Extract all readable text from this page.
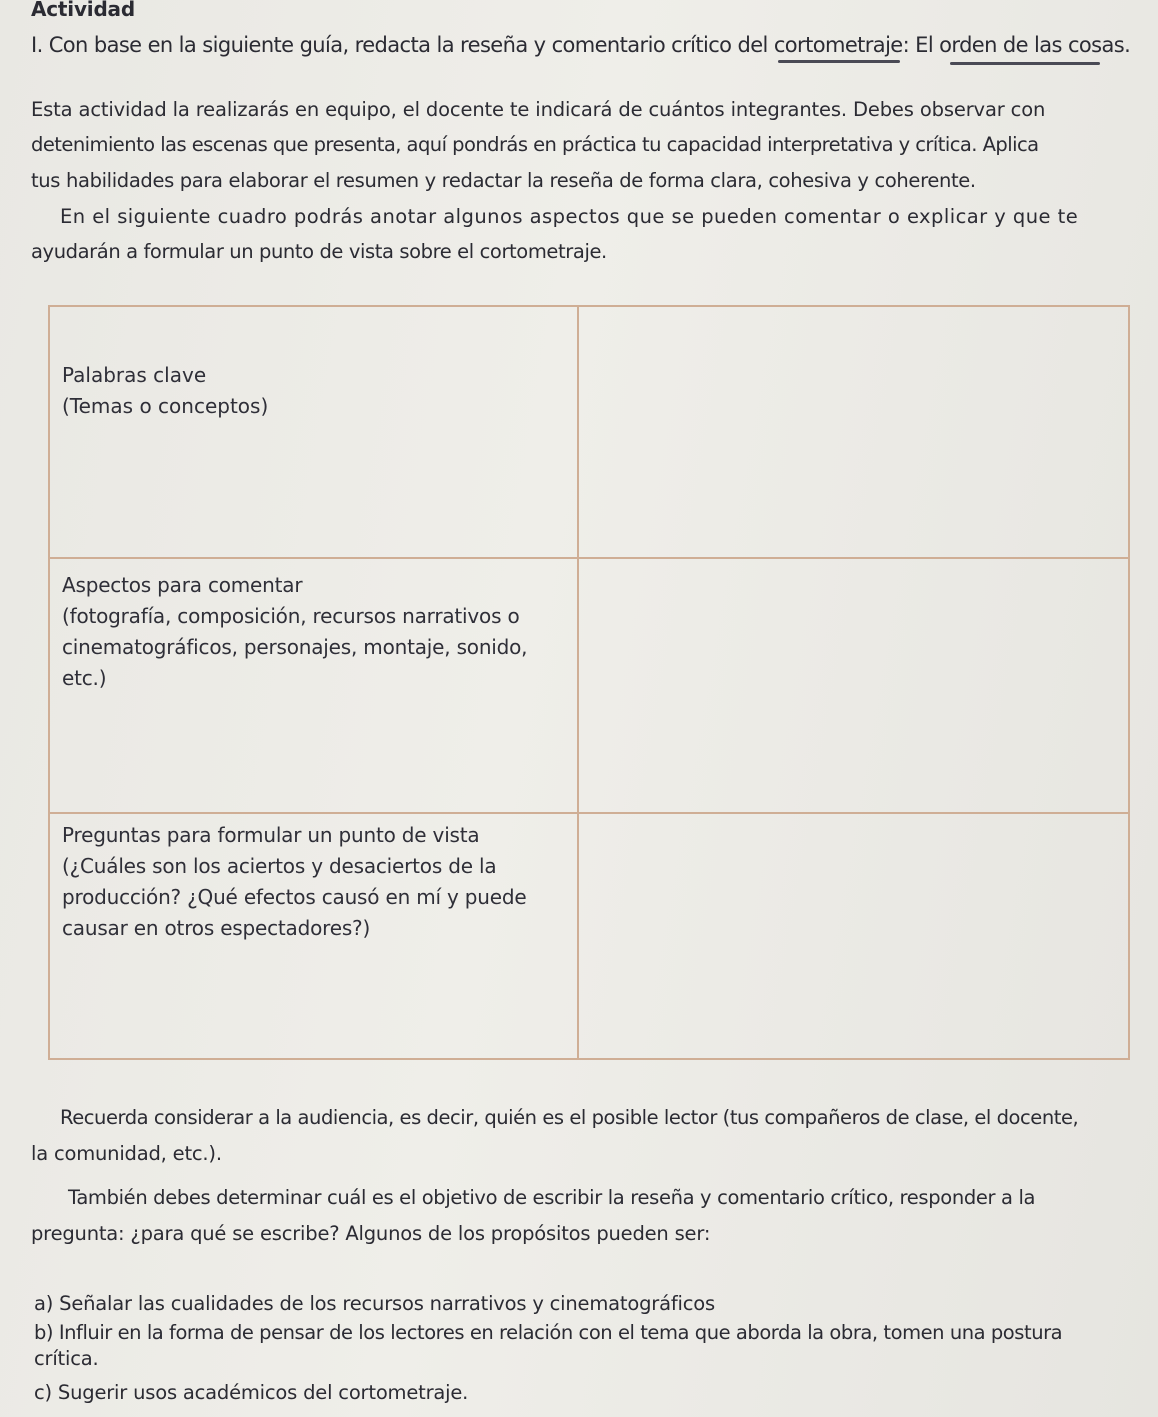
Actividad

I. Con base en la siguiente guía, redacta la reseña y comentario crítico del cortometraje: El orden de las cosas.

Esta actividad la realizarás en equipo, el docente te indicará de cuántos integrantes. Debes observar con

detenimiento las escenas que presenta, aquí pondrás en práctica tu capacidad interpretativa y crítica. Aplica

tus habilidades para elaborar el resumen y redactar la reseña de forma clara, cohesiva y coherente.

En el siguiente cuadro podrás anotar algunos aspectos que se pueden comentar o explicar y que te

ayudarán a formular un punto de vista sobre el cortometraje.

Palabras clave
(Temas o conceptos)
Aspectos para comentar
(fotografía, composición, recursos narrativos o
cinematográficos, personajes, montaje, sonido,
etc.)
Preguntas para formular un punto de vista
(¿Cuáles son los aciertos y desaciertos de la
producción? ¿Qué efectos causó en mí y puede
causar en otros espectadores?)

Recuerda considerar a la audiencia, es decir, quién es el posible lector (tus compañeros de clase, el docente,

la comunidad, etc.).

También debes determinar cuál es el objetivo de escribir la reseña y comentario crítico, responder a la

pregunta: ¿para qué se escribe? Algunos de los propósitos pueden ser:

a) Señalar las cualidades de los recursos narrativos y cinematográficos

b) Influir en la forma de pensar de los lectores en relación con el tema que aborda la obra, tomen una postura

crítica.

c) Sugerir usos académicos del cortometraje.
